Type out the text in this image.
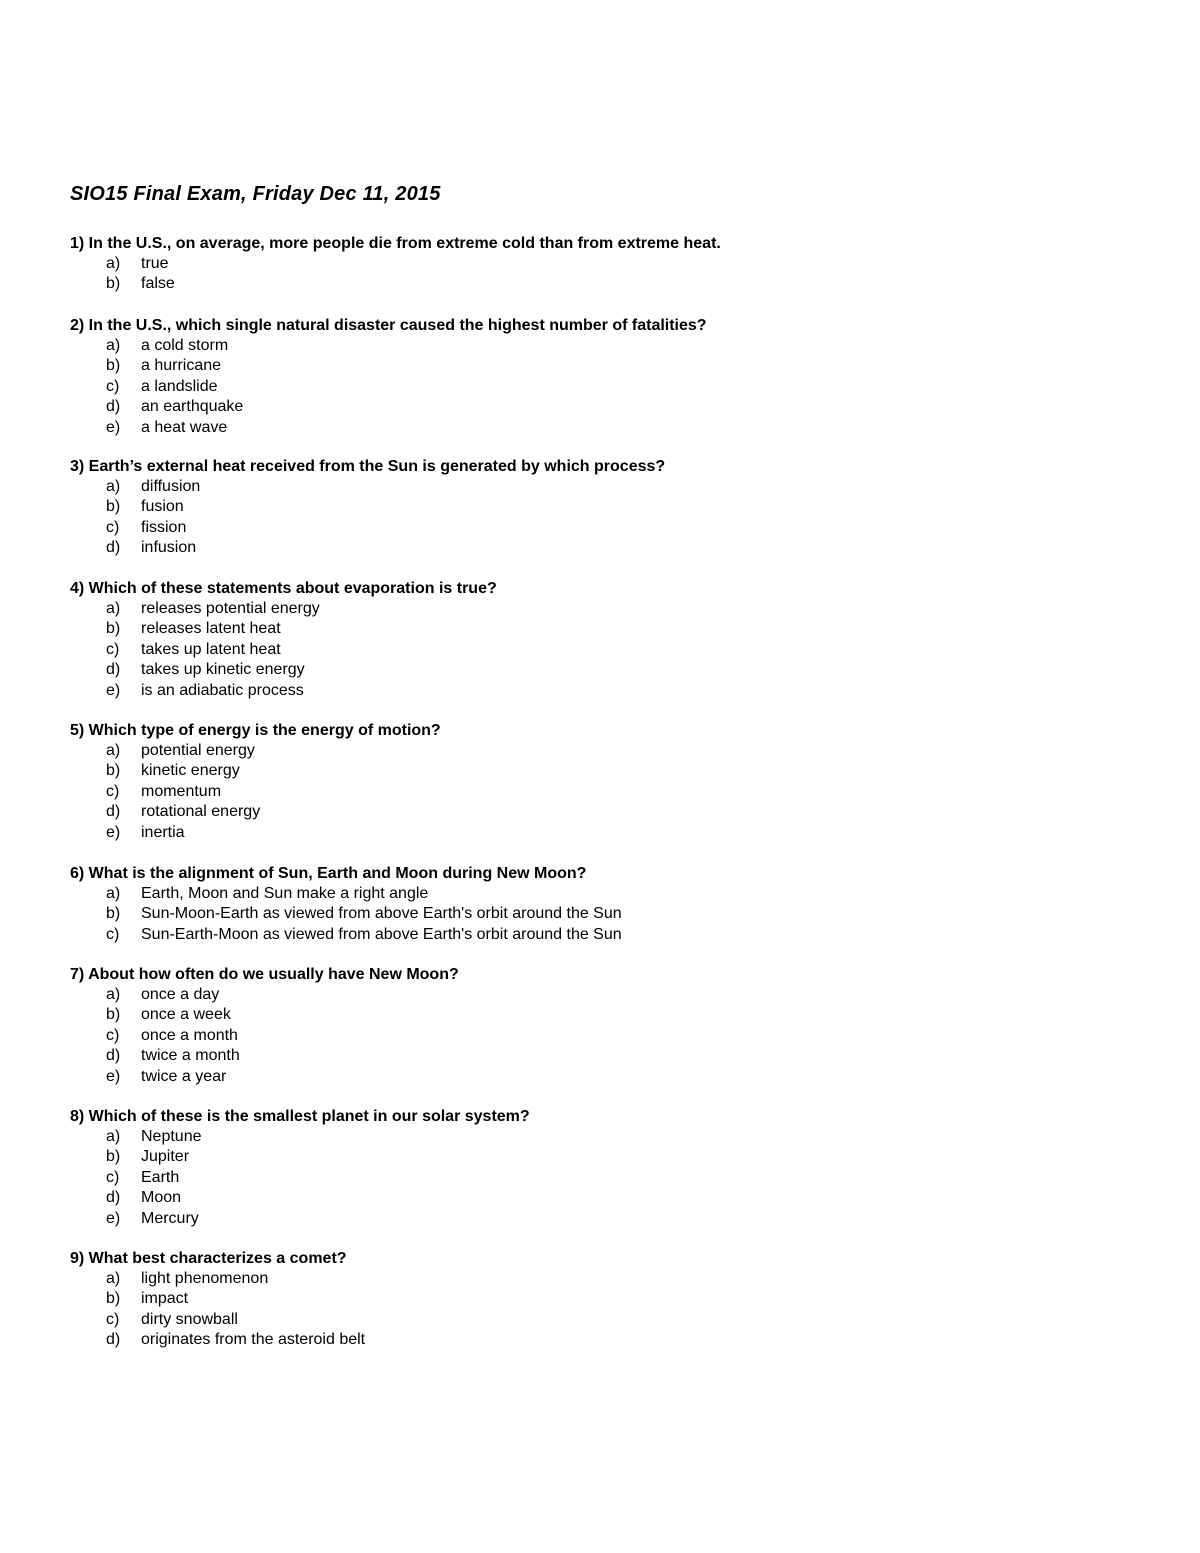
SIO15 Final Exam, Friday Dec 11, 2015
1) In the U.S., on average, more people die from extreme cold than from extreme heat.
a) true
b) false
2) In the U.S., which single natural disaster caused the highest number of fatalities?
a) a cold storm
b) a hurricane
c) a landslide
d) an earthquake
e) a heat wave
3) Earth’s external heat received from the Sun is generated by which process?
a) diffusion
b) fusion
c) fission
d) infusion
4) Which of these statements about evaporation is true?
a) releases potential energy
b) releases latent heat
c) takes up latent heat
d) takes up kinetic energy
e) is an adiabatic process
5) Which type of energy is the energy of motion?
a) potential energy
b) kinetic energy
c) momentum
d) rotational energy
e) inertia
6) What is the alignment of Sun, Earth and Moon during New Moon?
a) Earth, Moon and Sun make a right angle
b) Sun-Moon-Earth as viewed from above Earth's orbit around the Sun
c) Sun-Earth-Moon as viewed from above Earth's orbit around the Sun
7) About how often do we usually have New Moon?
a) once a day
b) once a week
c) once a month
d) twice a month
e) twice a year
8) Which of these is the smallest planet in our solar system?
a) Neptune
b) Jupiter
c) Earth
d) Moon
e) Mercury
9) What best characterizes a comet?
a) light phenomenon
b) impact
c) dirty snowball
d) originates from the asteroid belt
